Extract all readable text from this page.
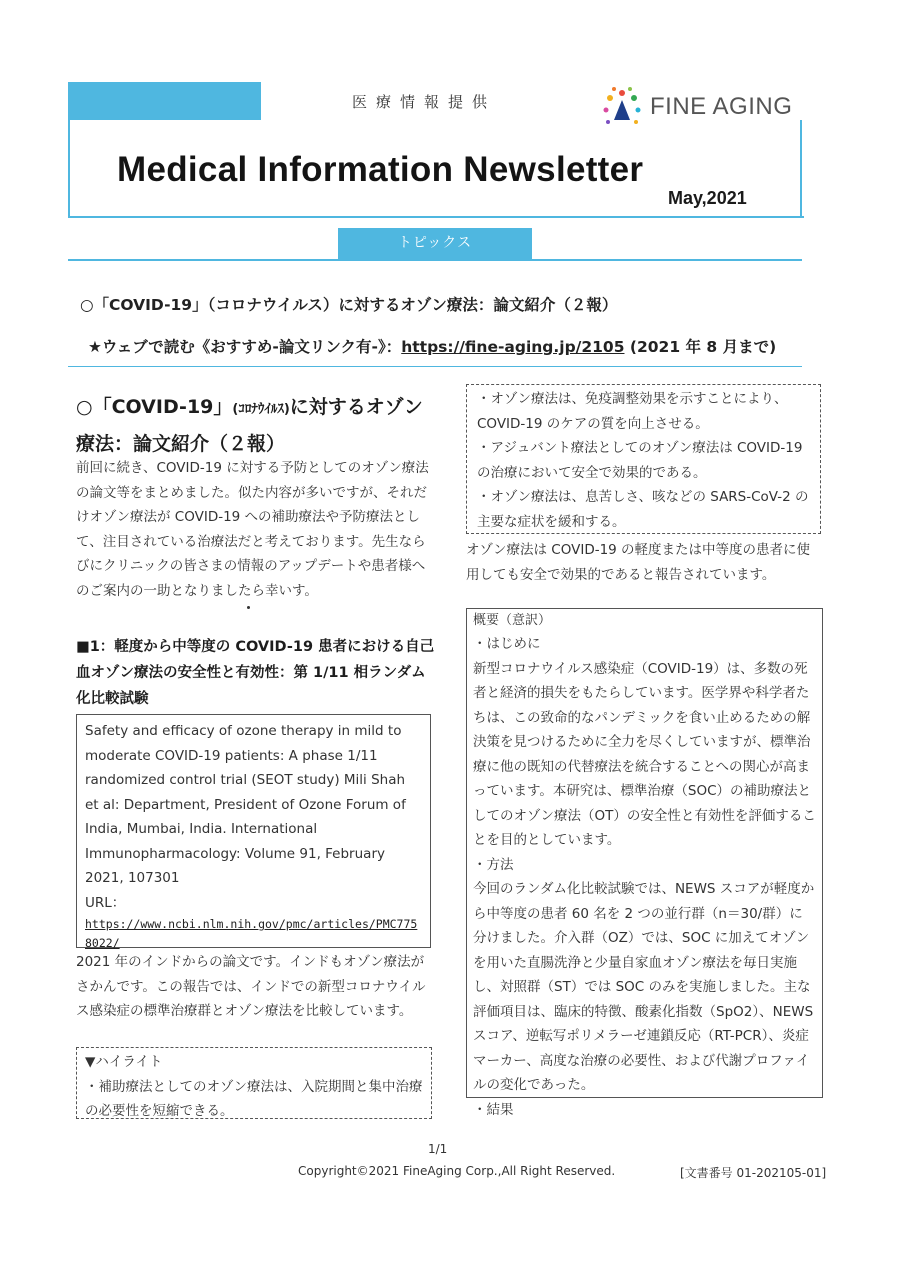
医療情報提供	FINE AGING
Medical Information Newsletter
May,2021
トピックス
○「COVID-19」（コロナウイルス）に対するオゾン療法：論文紹介（２報）
★ウェブで読む《おすすめ-論文リンク有-》：https://fine-aging.jp/2105 (2021 年 8 月まで)
○「COVID-19」(ｺﾛﾅｳｲﾙｽ)に対するオゾン療法：論文紹介（２報）
前回に続き、COVID-19 に対する予防としてのオゾン療法の論文等をまとめました。似た内容が多いですが、それだけオゾン療法が COVID-19 への補助療法や予防療法として、注目されている治療法だと考えております。先生ならびにクリニックの皆さまの情報のアップデートや患者様へのご案内の一助となりましたら幸いす。
■1：軽度から中等度の COVID-19 患者における自己血オゾン療法の安全性と有効性：第 1/11 相ランダム化比較試験
Safety and efficacy of ozone therapy in mild to moderate COVID-19 patients: A phase 1/11 randomized control trial (SEOT study) Mili Shah et al: Department, President of Ozone Forum of India, Mumbai, India. International Immunopharmacology: Volume 91, February 2021, 107301
URL：
https://www.ncbi.nlm.nih.gov/pmc/articles/PMC7758022/
2021 年のインドからの論文です。インドもオゾン療法がさかんです。この報告では、インドでの新型コロナウイルス感染症の標準治療群とオゾン療法を比較しています。
▼ハイライト
・補助療法としてのオゾン療法は、入院期間と集中治療の必要性を短縮できる。
・オゾン療法は、免疫調整効果を示すことにより、COVID-19 のケアの質を向上させる。
・アジュバント療法としてのオゾン療法は COVID-19 の治療において安全で効果的である。
・オゾン療法は、息苦しさ、咳などの SARS-CoV-2 の主要な症状を緩和する。
オゾン療法は COVID-19 の軽度または中等度の患者に使用しても安全で効果的であると報告されています。
概要（意訳）
・はじめに
新型コロナウイルス感染症（COVID-19）は、多数の死者と経済的損失をもたらしています。医学界や科学者たちは、この致命的なパンデミックを食い止めるための解決策を見つけるために全力を尽くしていますが、標準治療に他の既知の代替療法を統合することへの関心が高まっています。本研究は、標準治療（SOC）の補助療法としてのオゾン療法（OT）の安全性と有効性を評価することを目的としています。
・方法
今回のランダム化比較試験では、NEWS スコアが軽度から中等度の患者 60 名を 2 つの並行群（n＝30/群）に分けました。介入群（OZ）では、SOC に加えてオゾンを用いた直腸洗浄と少量自家血オゾン療法を毎日実施し、対照群（ST）では SOC のみを実施しました。主な評価項目は、臨床的特徴、酸素化指数（SpO2）、NEWS スコア、逆転写ポリメラーゼ連鎖反応（RT-PCR）、炎症マーカー、高度な治療の必要性、および代謝プロファイルの変化であった。
・結果
1/1
Copyright©2021 FineAging Corp.,All Right Reserved.	[文書番号 01-202105-01]
